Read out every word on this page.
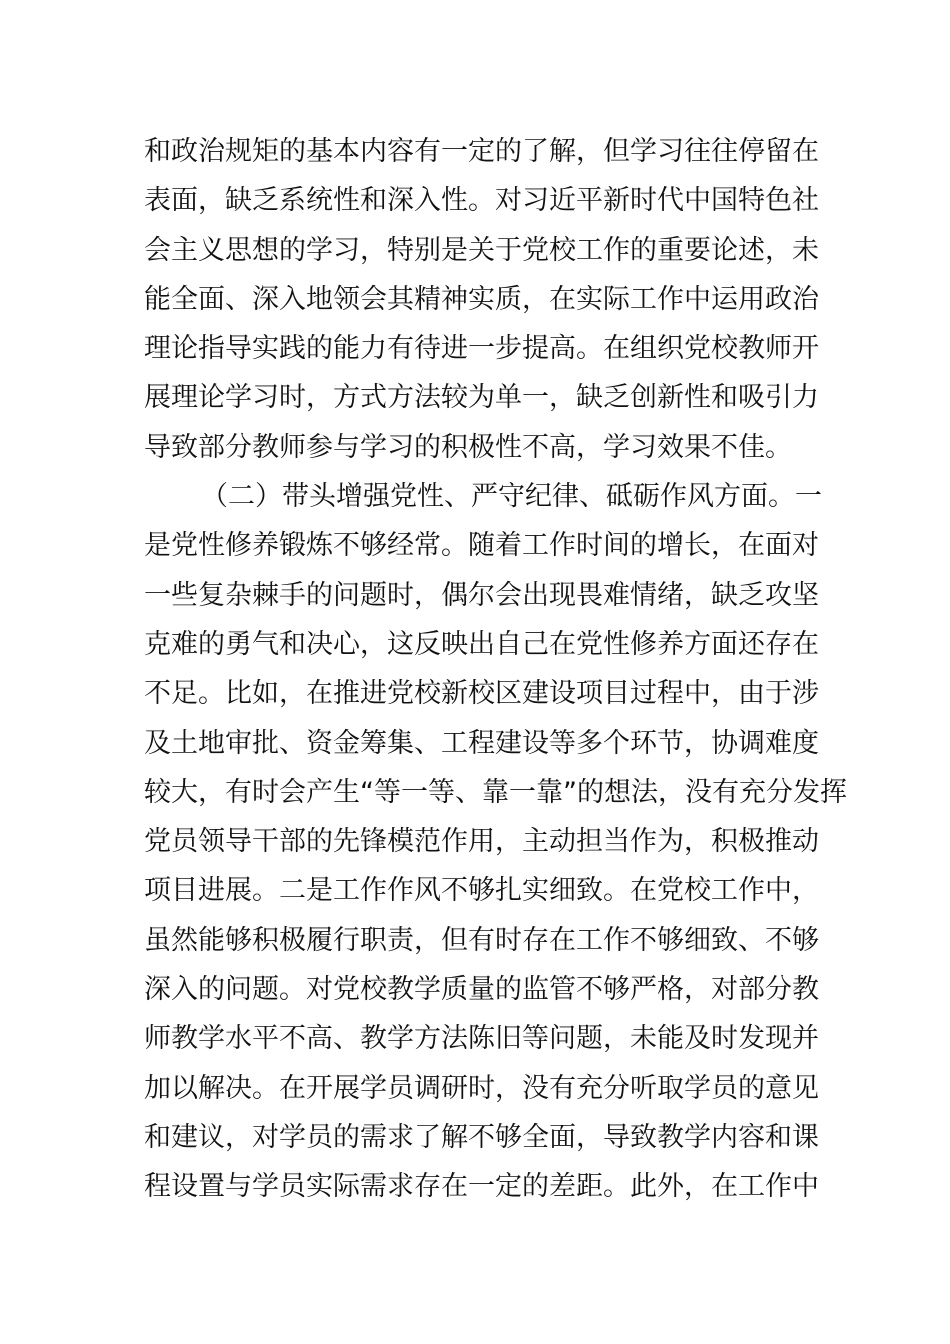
和政治规矩的基本内容有一定的了解，但学习往往停留在
表面，缺乏系统性和深入性。对习近平新时代中国特色社
会主义思想的学习，特别是关于党校工作的重要论述，未
能全面、深入地领会其精神实质，在实际工作中运用政治
理论指导实践的能力有待进一步提高。在组织党校教师开
展理论学习时，方式方法较为单一，缺乏创新性和吸引力
导致部分教师参与学习的积极性不高，学习效果不佳。
（二）带头增强党性、严守纪律、砥砺作风方面。一
是党性修养锻炼不够经常。随着工作时间的增长，在面对
一些复杂棘手的问题时，偶尔会出现畏难情绪，缺乏攻坚
克难的勇气和决心，这反映出自己在党性修养方面还存在
不足。比如，在推进党校新校区建设项目过程中，由于涉
及土地审批、资金筹集、工程建设等多个环节，协调难度
较大，有时会产生“等一等、靠一靠”的想法，没有充分发挥
党员领导干部的先锋模范作用，主动担当作为，积极推动
项目进展。二是工作作风不够扎实细致。在党校工作中，
虽然能够积极履行职责，但有时存在工作不够细致、不够
深入的问题。对党校教学质量的监管不够严格，对部分教
师教学水平不高、教学方法陈旧等问题，未能及时发现并
加以解决。在开展学员调研时，没有充分听取学员的意见
和建议，对学员的需求了解不够全面，导致教学内容和课
程设置与学员实际需求存在一定的差距。此外，在工作中
